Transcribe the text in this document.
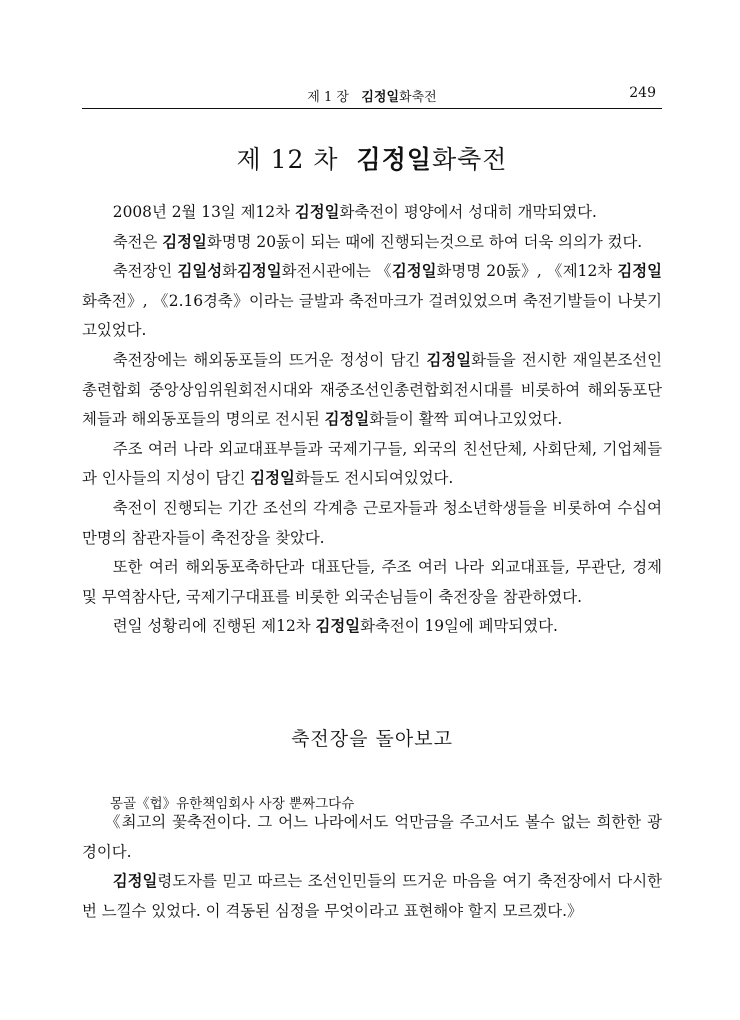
제 1 장 김정일화축전	249
제 12 차 김정일화축전

2008년 2월 13일 제12차 김정일화축전이 평양에서 성대히 개막되였다.

축전은 김정일화명명 20돐이 되는 때에 진행되는것으로 하여 더욱 의의가 컸다.

축전장인 김일성화김정일화전시관에는 《김정일화명명 20돐》, 《제12차 김정일화축전》, 《2.16경축》이라는 글발과 축전마크가 걸려있었으며 축전기발들이 나붓기고있었다.

축전장에는 해외동포들의 뜨거운 정성이 담긴 김정일화들을 전시한 재일본조선인총련합회 중앙상임위원회전시대와 재중조선인총련합회전시대를 비롯하여 해외동포단체들과 해외동포들의 명의로 전시된 김정일화들이 활짝 피여나고있었다.

주조 여러 나라 외교대표부들과 국제기구들, 외국의 친선단체, 사회단체, 기업체들과 인사들의 지성이 담긴 김정일화들도 전시되여있었다.

축전이 진행되는 기간 조선의 각계층 근로자들과 청소년학생들을 비롯하여 수십여만명의 참관자들이 축전장을 찾았다.

또한 여러 해외동포축하단과 대표단들, 주조 여러 나라 외교대표들, 무관단, 경제 및 무역참사단, 국제기구대표를 비롯한 외국손님들이 축전장을 참관하였다.

련일 성황리에 진행된 제12차 김정일화축전이 19일에 페막되였다.

축전장을 돌아보고
몽골《헙》유한책임회사 사장 뿐짜그다슈

《최고의 꽃축전이다. 그 어느 나라에서도 억만금을 주고서도 볼수 없는 희한한 광경이다.

김정일령도자를 믿고 따르는 조선인민들의 뜨거운 마음을 여기 축전장에서 다시한번 느낄수 있었다. 이 격동된 심정을 무엇이라고 표현해야 할지 모르겠다.》
